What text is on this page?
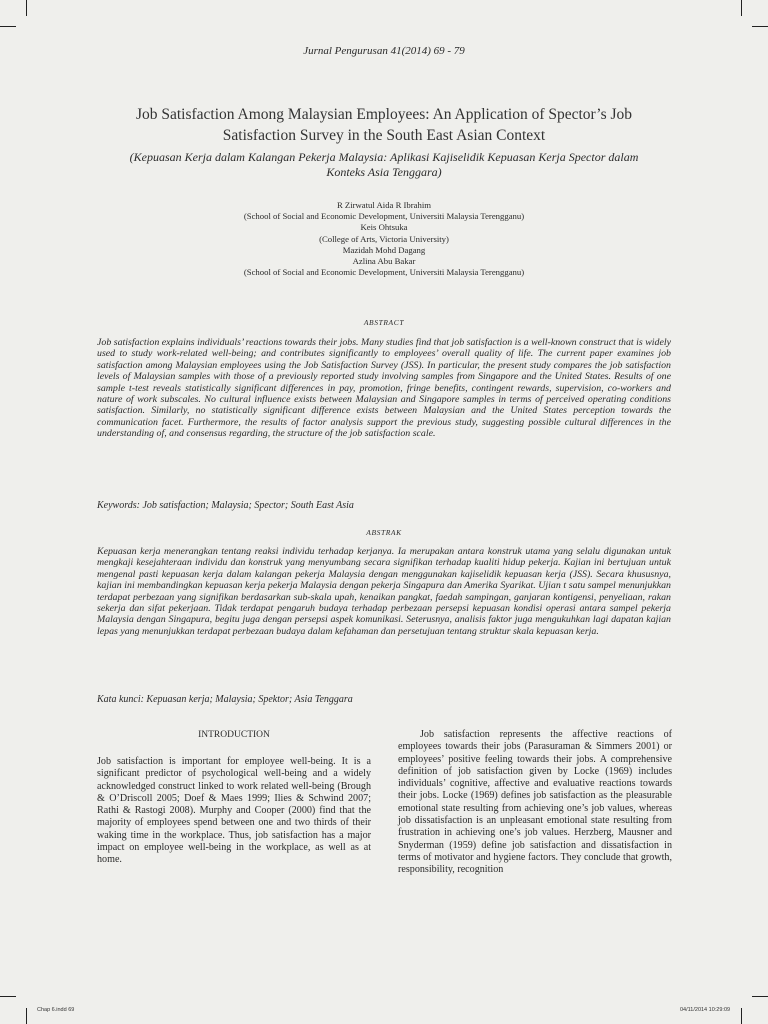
Jurnal Pengurusan 41(2014) 69 - 79
Job Satisfaction Among Malaysian Employees: An Application of Spector’s Job Satisfaction Survey in the South East Asian Context
(Kepuasan Kerja dalam Kalangan Pekerja Malaysia: Aplikasi Kajiselidik Kepuasan Kerja Spector dalam Konteks Asia Tenggara)
R Zirwatul Aida R Ibrahim
(School of Social and Economic Development, Universiti Malaysia Terengganu)
Keis Ohtsuka
(College of Arts, Victoria University)
Mazidah Mohd Dagang
Azlina Abu Bakar
(School of Social and Economic Development, Universiti Malaysia Terengganu)
ABSTRACT

Job satisfaction explains individuals’ reactions towards their jobs. Many studies find that job satisfaction is a well-known construct that is widely used to study work-related well-being; and contributes significantly to employees’ overall quality of life. The current paper examines job satisfaction among Malaysian employees using the Job Satisfaction Survey (JSS). In particular, the present study compares the job satisfaction levels of Malaysian samples with those of a previously reported study involving samples from Singapore and the United States. Results of one sample t-test reveals statistically significant differences in pay, promotion, fringe benefits, contingent rewards, supervision, co-workers and nature of work subscales. No cultural influence exists between Malaysian and Singapore samples in terms of perceived operating conditions satisfaction. Similarly, no statistically significant difference exists between Malaysian and the United States perception towards the communication facet. Furthermore, the results of factor analysis support the previous study, suggesting possible cultural differences in the understanding of, and consensus regarding, the structure of the job satisfaction scale.

Keywords: Job satisfaction; Malaysia; Spector; South East Asia

ABSTRAK

Kepuasan kerja menerangkan tentang reaksi individu terhadap kerjanya. Ia merupakan antara konstruk utama yang selalu digunakan untuk mengkaji kesejahteraan individu dan konstruk yang menyumbang secara signifikan terhadap kualiti hidup pekerja. Kajian ini bertujuan untuk mengenal pasti kepuasan kerja dalam kalangan pekerja Malaysia dengan menggunakan kajiselidik kepuasan kerja (JSS). Secara khususnya, kajian ini membandingkan kepuasan kerja pekerja Malaysia dengan pekerja Singapura dan Amerika Syarikat. Ujian t satu sampel menunjukkan terdapat perbezaan yang signifikan berdasarkan sub-skala upah, kenaikan pangkat, faedah sampingan, ganjaran kontigensi, penyeliaan, rakan sekerja dan sifat pekerjaan. Tidak terdapat pengaruh budaya terhadap perbezaan persepsi kepuasan kondisi operasi antara sampel pekerja Malaysia dengan Singapura, begitu juga dengan persepsi aspek komunikasi. Seterusnya, analisis faktor juga mengukuhkan lagi dapatan kajian lepas yang menunjukkan terdapat perbezaan budaya dalam kefahaman dan persetujuan tentang struktur skala kepuasan kerja.

Kata kunci: Kepuasan kerja; Malaysia; Spektor; Asia Tenggara

INTRODUCTION

Job satisfaction is important for employee well-being. It is a significant predictor of psychological well-being and a widely acknowledged construct linked to work related well-being (Brough & O’Driscoll 2005; Doef & Maes 1999; Ilies & Schwind 2007; Rathi & Rastogi 2008). Murphy and Cooper (2000) find that the majority of employees spend between one and two thirds of their waking time in the workplace. Thus, job satisfaction has a major impact on employee well-being in the workplace, as well as at home.

Job satisfaction represents the affective reactions of employees towards their jobs (Parasuraman & Simmers 2001) or employees’ positive feeling towards their jobs. A comprehensive definition of job satisfaction given by Locke (1969) includes individuals’ cognitive, affective and evaluative reactions towards their jobs. Locke (1969) defines job satisfaction as the pleasurable emotional state resulting from achieving one’s job values, whereas job dissatisfaction is an unpleasant emotional state resulting from frustration in achieving one’s job values. Herzberg, Mausner and Snyderman (1959) define job satisfaction and dissatisfaction in terms of motivator and hygiene factors. They conclude that growth, responsibility, recognition

Chap 6.indd 69	04/11/2014 10:29:09
